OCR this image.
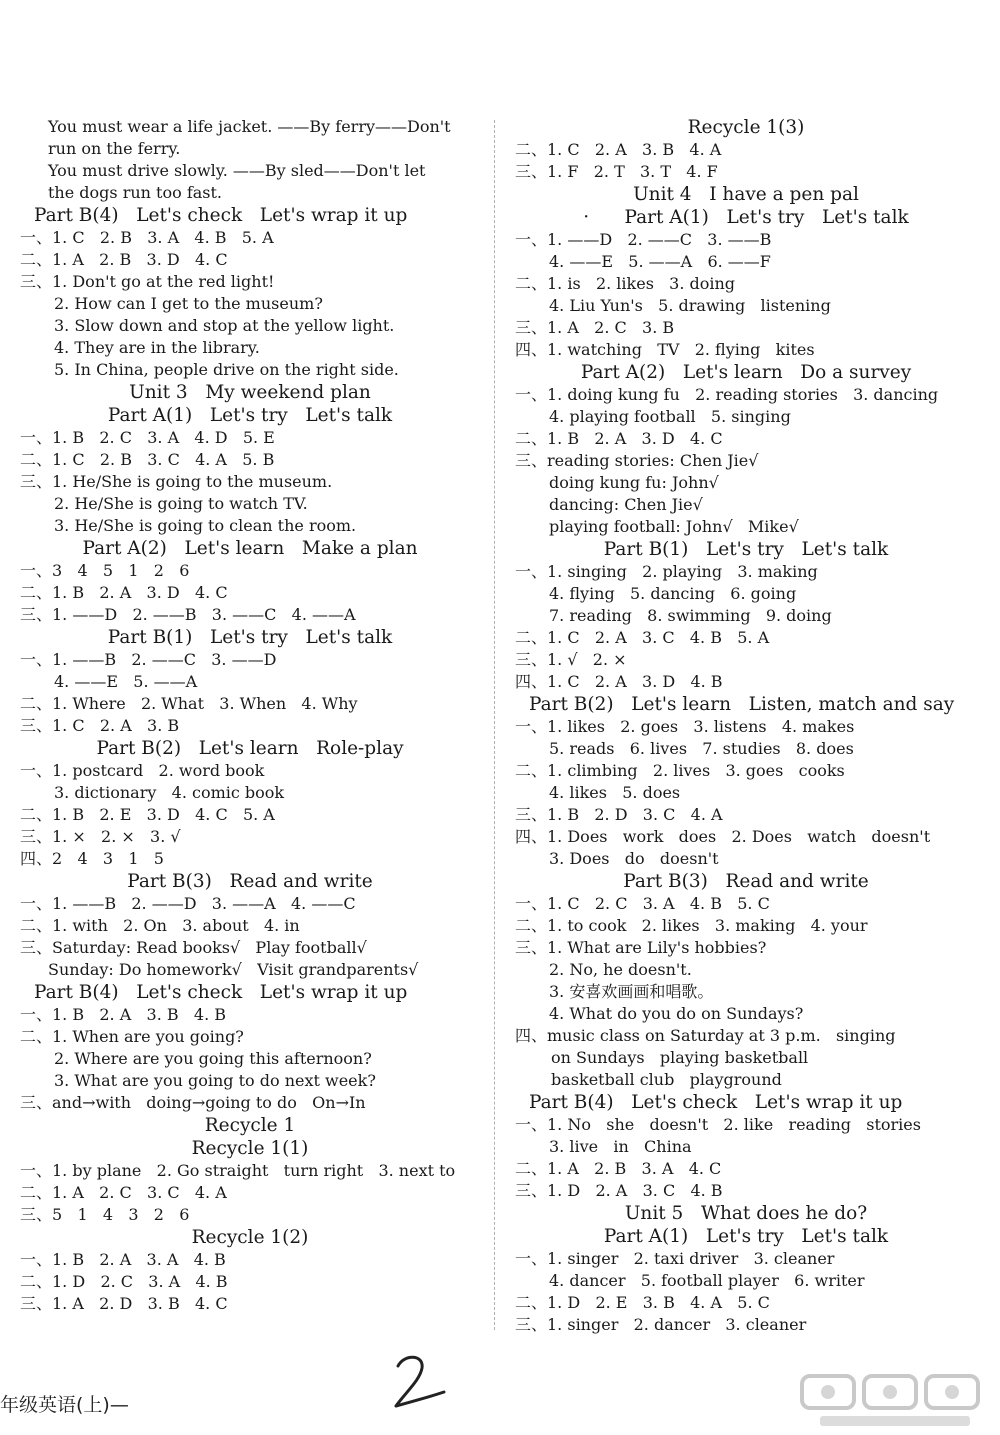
You must wear a life jacket. ——By ferry——Don't
run on the ferry.
You must drive slowly. ——By sled——Don't let
the dogs run too fast.
Part B(4)   Let's check   Let's wrap it up
一、1. C   2. B   3. A   4. B   5. A
二、1. A   2. B   3. D   4. C
三、1. Don't go at the red light!
2. How can I get to the museum?
3. Slow down and stop at the yellow light.
4. They are in the library.
5. In China, people drive on the right side.
Unit 3   My weekend plan
Part A(1)   Let's try   Let's talk
一、1. B   2. C   3. A   4. D   5. E
二、1. C   2. B   3. C   4. A   5. B
三、1. He/She is going to the museum.
2. He/She is going to watch TV.
3. He/She is going to clean the room.
Part A(2)   Let's learn   Make a plan
一、3   4   5   1   2   6
二、1. B   2. A   3. D   4. C
三、1. ——D   2. ——B   3. ——C   4. ——A
Part B(1)   Let's try   Let's talk
一、1. ——B   2. ——C   3. ——D
4. ——E   5. ——A
二、1. Where   2. What   3. When   4. Why
三、1. C   2. A   3. B
Part B(2)   Let's learn   Role-play
一、1. postcard   2. word book
3. dictionary   4. comic book
二、1. B   2. E   3. D   4. C   5. A
三、1. ×   2. ×   3. √
四、2   4   3   1   5
Part B(3)   Read and write
一、1. ——B   2. ——D   3. ——A   4. ——C
二、1. with   2. On   3. about   4. in
三、Saturday: Read books√   Play football√
Sunday: Do homework√   Visit grandparents√
Part B(4)   Let's check   Let's wrap it up
一、1. B   2. A   3. B   4. B
二、1. When are you going?
2. Where are you going this afternoon?
3. What are you going to do next week?
三、and→with   doing→going to do   On→In
Recycle 1
Recycle 1(1)
一、1. by plane   2. Go straight   turn right   3. next to
二、1. A   2. C   3. C   4. A
三、5   1   4   3   2   6
Recycle 1(2)
一、1. B   2. A   3. A   4. B
二、1. D   2. C   3. A   4. B
三、1. A   2. D   3. B   4. C
Recycle 1(3)
二、1. C   2. A   3. B   4. A
三、1. F   2. T   3. T   4. F
Unit 4   I have a pen pal
·      Part A(1)   Let's try   Let's talk
一、1. ——D   2. ——C   3. ——B
4. ——E   5. ——A   6. ——F
二、1. is   2. likes   3. doing
4. Liu Yun's   5. drawing   listening
三、1. A   2. C   3. B
四、1. watching   TV   2. flying   kites
Part A(2)   Let's learn   Do a survey
一、1. doing kung fu   2. reading stories   3. dancing
4. playing football   5. singing
二、1. B   2. A   3. D   4. C
三、reading stories: Chen Jie√
doing kung fu: John√
dancing: Chen Jie√
playing football: John√   Mike√
Part B(1)   Let's try   Let's talk
一、1. singing   2. playing   3. making
4. flying   5. dancing   6. going
7. reading   8. swimming   9. doing
二、1. C   2. A   3. C   4. B   5. A
三、1. √   2. ×
四、1. C   2. A   3. D   4. B
Part B(2)   Let's learn   Listen, match and say
一、1. likes   2. goes   3. listens   4. makes
5. reads   6. lives   7. studies   8. does
二、1. climbing   2. lives   3. goes   cooks
4. likes   5. does
三、1. B   2. D   3. C   4. A
四、1. Does   work   does   2. Does   watch   doesn't
3. Does   do   doesn't
Part B(3)   Read and write
一、1. C   2. C   3. A   4. B   5. C
二、1. to cook   2. likes   3. making   4. your
三、1. What are Lily's hobbies?
2. No, he doesn't.
3. 安喜欢画画和唱歌。
4. What do you do on Sundays?
四、music class on Saturday at 3 p.m.   singing
on Sundays   playing basketball
basketball club   playground
Part B(4)   Let's check   Let's wrap it up
一、1. No   she   doesn't   2. like   reading   stories
3. live   in   China
二、1. A   2. B   3. A   4. C
三、1. D   2. A   3. C   4. B
Unit 5   What does he do?
Part A(1)   Let's try   Let's talk
一、1. singer   2. taxi driver   3. cleaner
4. dancer   5. football player   6. writer
二、1. D   2. E   3. B   4. A   5. C
三、1. singer   2. dancer   3. cleaner
年级英语(上)—
